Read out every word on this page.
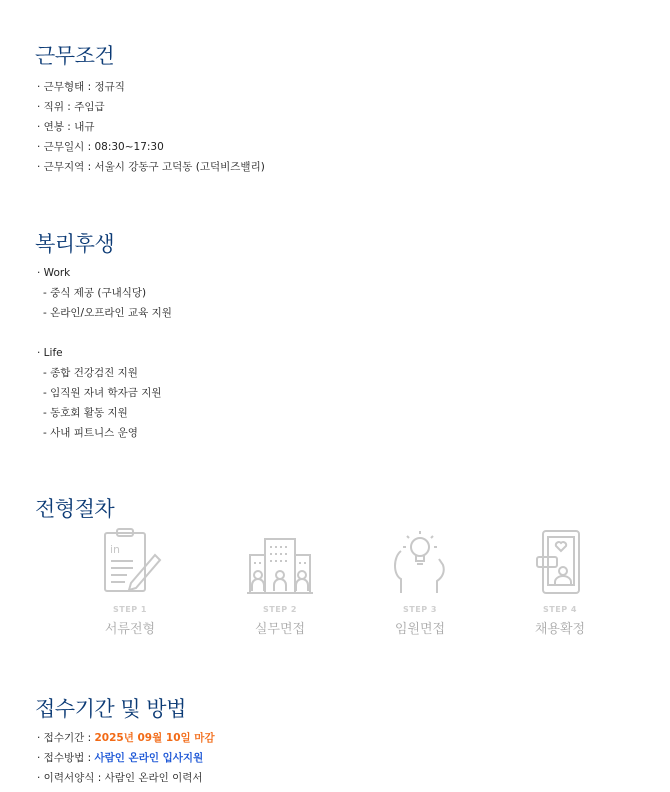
근무조건
· 근무형태 : 정규직
· 직위 : 주임급
· 연봉 : 내규
· 근무일시 : 08:30~17:30
· 근무지역 : 서울시 강동구 고덕동 (고덕비즈밸리)
복리후생
· Work
- 중식 제공 (구내식당)
- 온라인/오프라인 교육 지원
· Life
- 종합 건강검진 지원
- 임직원 자녀 학자금 지원
- 동호회 활동 지원
- 사내 피트니스 운영
전형절차
in
STEP 1
서류전형
STEP 2
실무면접
STEP 3
임원면접
STEP 4
채용확정
접수기간 및 방법
· 접수기간 : 2025년 09월 10일 마감
· 접수방법 : 사람인 온라인 입사지원
· 이력서양식 : 사람인 온라인 이력서
